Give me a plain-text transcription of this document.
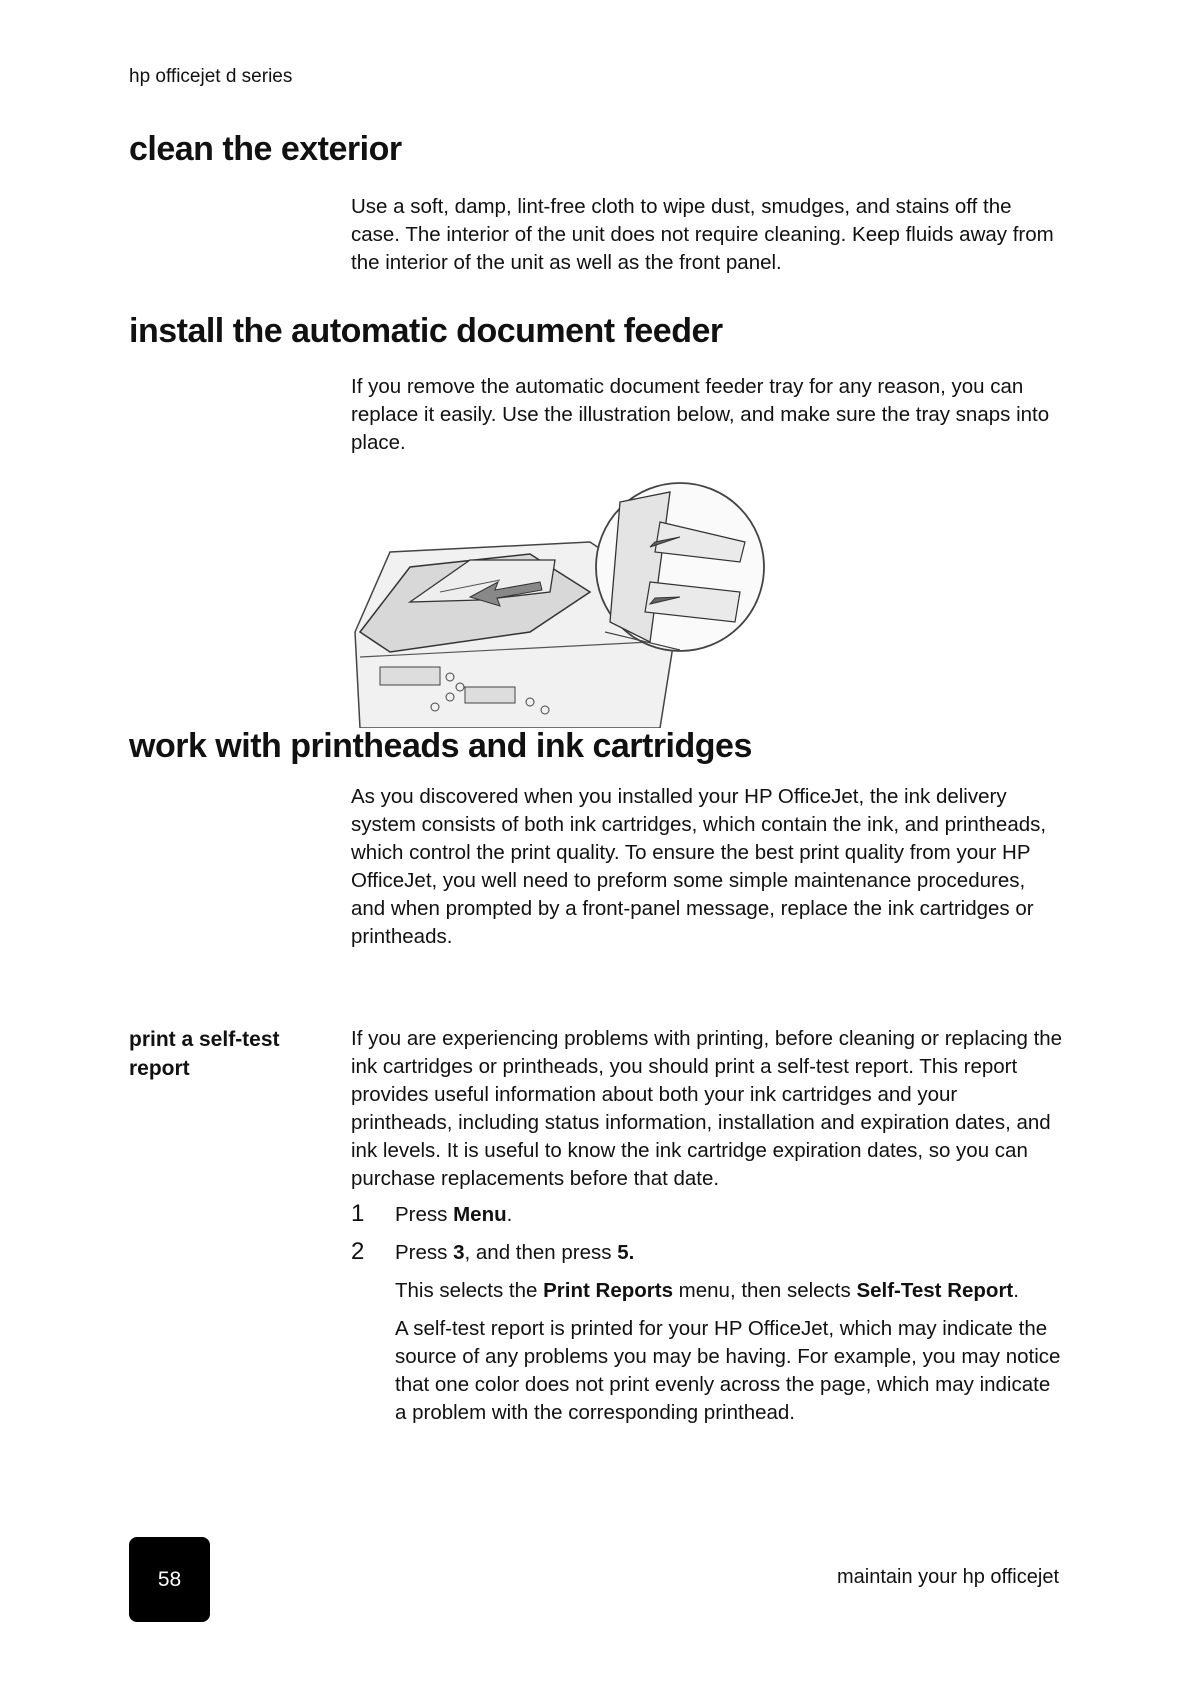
hp officejet d series
clean the exterior

Use a soft, damp, lint-free cloth to wipe dust, smudges, and stains off the case. The interior of the unit does not require cleaning. Keep fluids away from the interior of the unit as well as the front panel.

install the automatic document feeder

If you remove the automatic document feeder tray for any reason, you can replace it easily. Use the illustration below, and make sure the tray snaps into place.

work with printheads and ink cartridges

As you discovered when you installed your HP OfficeJet, the ink delivery system consists of both ink cartridges, which contain the ink, and printheads, which control the print quality. To ensure the best print quality from your HP OfficeJet, you well need to preform some simple maintenance procedures, and when prompted by a front-panel message, replace the ink cartridges or printheads.

print a self-test report

If you are experiencing problems with printing, before cleaning or replacing the ink cartridges or printheads, you should print a self-test report. This report provides useful information about both your ink cartridges and your printheads, including status information, installation and expiration dates, and ink levels. It is useful to know the ink cartridge expiration dates, so you can purchase replacements before that date.

1 Press Menu.
2 Press 3, and then press 5.

This selects the Print Reports menu, then selects Self-Test Report.

A self-test report is printed for your HP OfficeJet, which may indicate the source of any problems you may be having. For example, you may notice that one color does not print evenly across the page, which may indicate a problem with the corresponding printhead.

58	maintain your hp officejet
